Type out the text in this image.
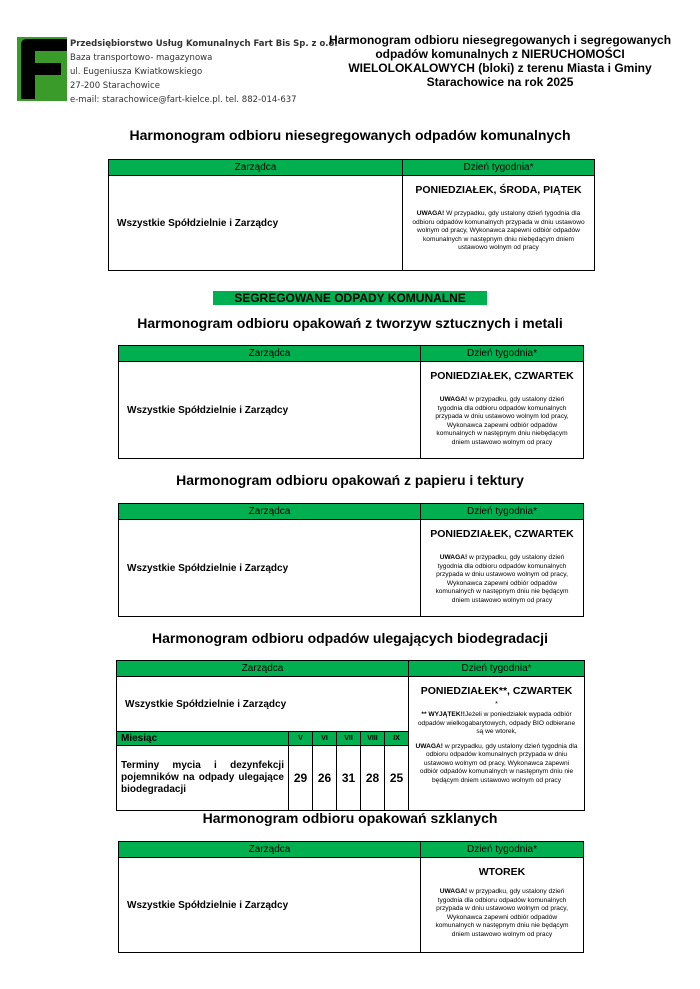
Przedsiębiorstwo Usług Komunalnych Fart Bis Sp. z o.o.
Baza transportowo- magazynowa
ul. Eugeniusza Kwiatkowskiego
27-200 Starachowice
e-mail: starachowice@fart-kielce.pl. tel. 882-014-637
Harmonogram odbioru niesegregowanych i segregowanych
odpadów komunalnych z NIERUCHOMOŚCI
WIELOLOKALOWYCH (bloki) z terenu Miasta i Gminy
Starachowice na rok 2025
Harmonogram odbioru niesegregowanych odpadów komunalnych
Zarządca	Dzień tygodnia*
Wszystkie Spółdzielnie i Zarządcy	PONIEDZIAŁEK, ŚRODA, PIĄTEK
UWAGA! W przypadku, gdy ustalony dzień tygodnia dla odbioru odpadów komunalnych przypada w dniu ustawowo wolnym od pracy, Wykonawca zapewni odbiór odpadów komunalnych w następnym dniu niebędącym dniem ustawowo wolnym od pracy
SEGREGOWANE ODPADY KOMUNALNE
Harmonogram odbioru opakowań z tworzyw sztucznych i metali
Zarządca	Dzień tygodnia*
Wszystkie Spółdzielnie i Zarządcy	PONIEDZIAŁEK, CZWARTEK
UWAGA! w przypadku, gdy ustalony dzień tygodnia dla odbioru odpadów komunalnych przypada w dniu ustawowo wolnym lod pracy, Wykonawca zapewni odbiór odpadów komunalnych w następnym dniu niebędącym dniem ustawowo wolnym od pracy
Harmonogram odbioru opakowań z papieru i tektury
Zarządca	Dzień tygodnia*
Wszystkie Spółdzielnie i Zarządcy	PONIEDZIAŁEK, CZWARTEK
UWAGA! w przypadku, gdy ustalony dzień tygodnia dla odbioru odpadów komunalnych przypada w dniu ustawowo wolnym od pracy, Wykonawca zapewni odbiór odpadów komunalnych w następnym dniu nie będącym dniem ustawowo wolnym od pracy
Harmonogram odbioru odpadów ulegających biodegradacji
Zarządca						Dzień tygodnia*
Wszystkie Spółdzielnie i Zarządcy						PONIEDZIAŁEK**, CZWARTEK
*
** WYJĄTEK!!Jeżeli w poniedziałek wypada odbiór odpadów wielkogabarytowych, odpady BIO odbierane są we wtorek,
UWAGA! w przypadku, gdy ustalony dzień tygodnia dla odbioru odpadów komunalnych przypada w dniu ustawowo wolnym od pracy, Wykonawca zapewni odbiór odpadów komunalnych w następnym dniu nie będącym dniem ustawowo wolnym od pracy

Miesiąc	V	VI	VII	VIII	IX	
Terminy mycia i dezynfekcji pojemników na odpady ulegające biodegradacji	29	26	31	28	25	
Harmonogram odbioru opakowań szklanych
Zarządca	Dzień tygodnia*
Wszystkie Spółdzielnie i Zarządcy	WTOREK
UWAGA! w przypadku, gdy ustalony dzień tygodnia dla odbioru odpadów komunalnych przypada w dniu ustawowo wolnym od pracy, Wykonawca zapewni odbiór odpadów komunalnych w następnym dniu nie będącym dniem ustawowo wolnym od pracy
